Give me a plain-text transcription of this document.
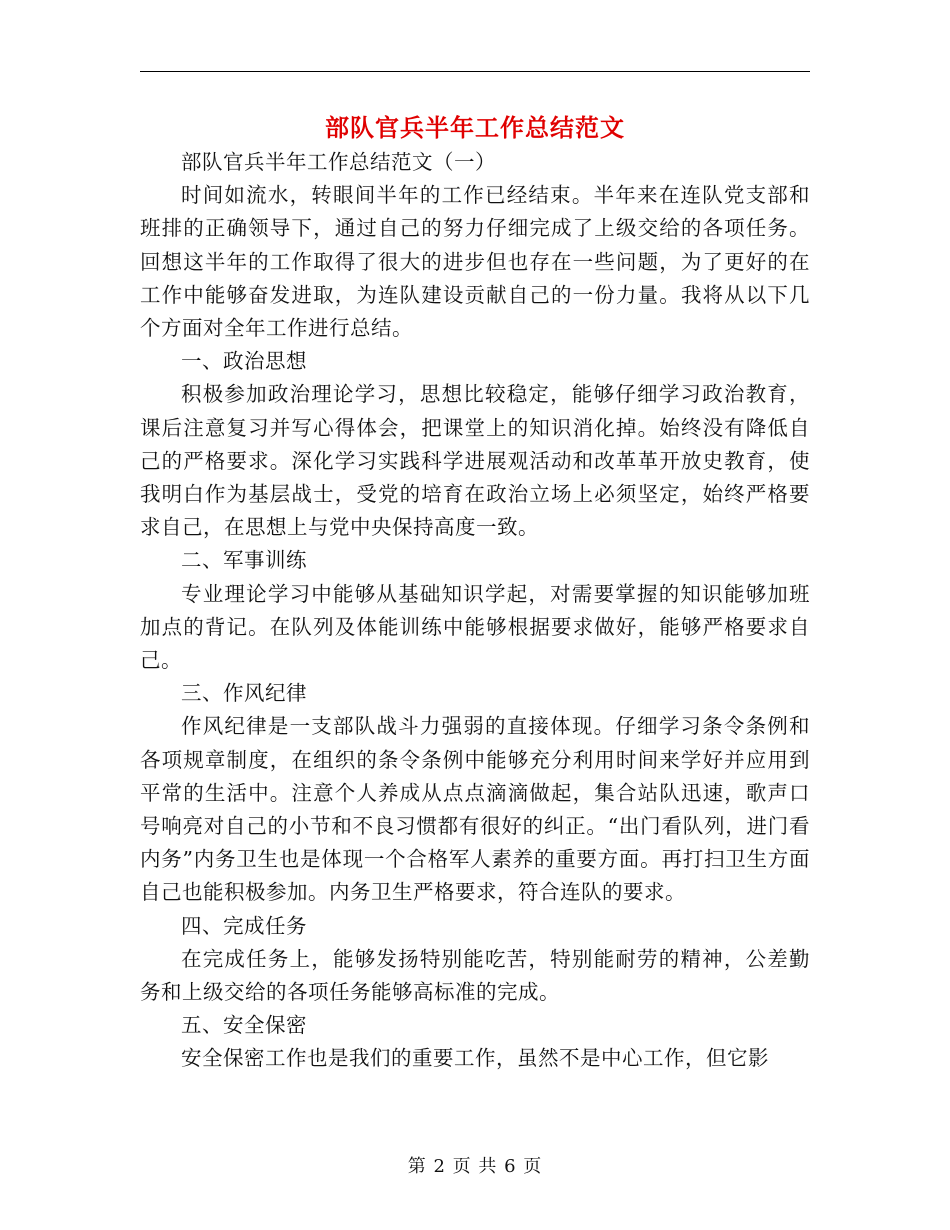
部队官兵半年工作总结范文

部队官兵半年工作总结范文（一）

时间如流水，转眼间半年的工作已经结束。半年来在连队党支部和班排的正确领导下，通过自己的努力仔细完成了上级交给的各项任务。回想这半年的工作取得了很大的进步但也存在一些问题，为了更好的在工作中能够奋发进取，为连队建设贡献自己的一份力量。我将从以下几个方面对全年工作进行总结。

一、政治思想

积极参加政治理论学习，思想比较稳定，能够仔细学习政治教育，课后注意复习并写心得体会，把课堂上的知识消化掉。始终没有降低自己的严格要求。深化学习实践科学进展观活动和改革革开放史教育，使我明白作为基层战士，受党的培育在政治立场上必须坚定，始终严格要求自己，在思想上与党中央保持高度一致。

二、军事训练

专业理论学习中能够从基础知识学起，对需要掌握的知识能够加班加点的背记。在队列及体能训练中能够根据要求做好，能够严格要求自己。

三、作风纪律

作风纪律是一支部队战斗力强弱的直接体现。仔细学习条令条例和各项规章制度，在组织的条令条例中能够充分利用时间来学好并应用到平常的生活中。注意个人养成从点点滴滴做起，集合站队迅速，歌声口号响亮对自己的小节和不良习惯都有很好的纠正。“出门看队列，进门看内务”内务卫生也是体现一个合格军人素养的重要方面。再打扫卫生方面自己也能积极参加。内务卫生严格要求，符合连队的要求。

四、完成任务

在完成任务上，能够发扬特别能吃苦，特别能耐劳的精神，公差勤务和上级交给的各项任务能够高标准的完成。

五、安全保密

安全保密工作也是我们的重要工作，虽然不是中心工作，但它影

第 2 页 共 6 页
